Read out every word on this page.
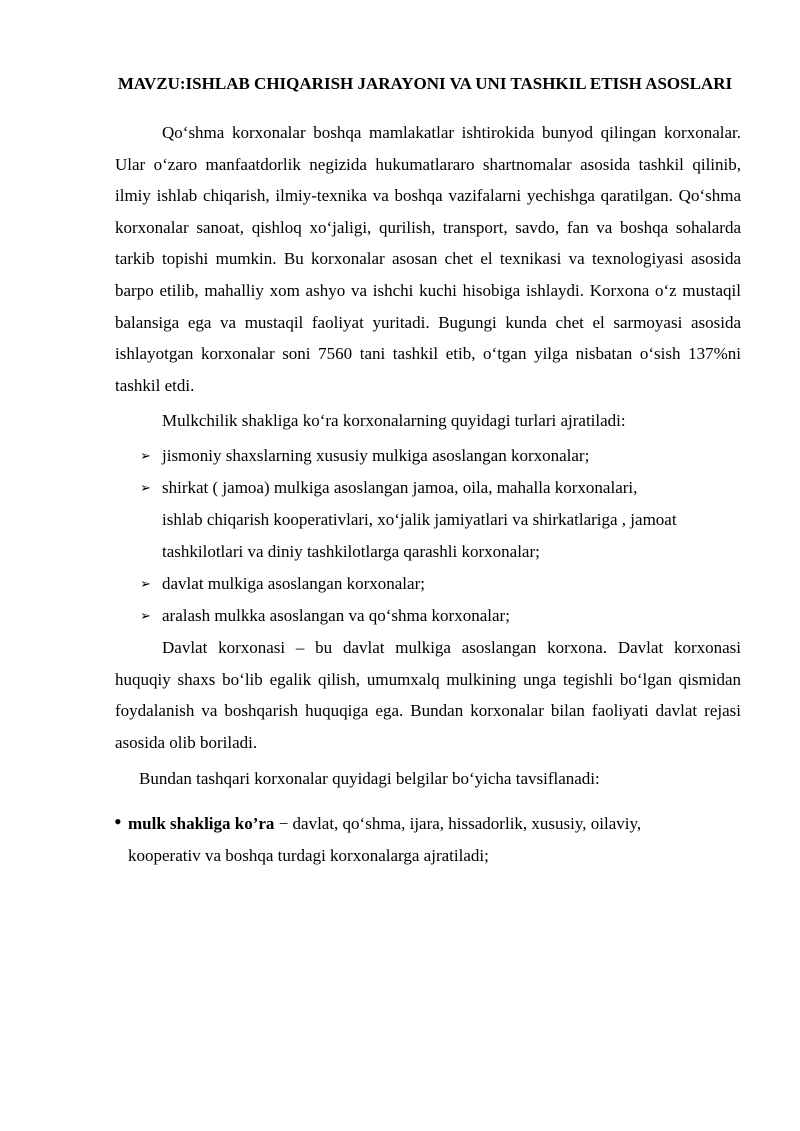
MAVZU:ISHLAB CHIQARISH JARAYONI VA UNI TASHKIL ETISH ASOSLARI

Qo‘shma korxonalar boshqa mamlakatlar ishtirokida bunyod qilingan korxonalar. Ular o‘zaro manfaatdorlik negizida hukumatlararo shartnomalar asosida tashkil qilinib, ilmiy ishlab chiqarish, ilmiy-texnika va boshqa vazifalarni yechishga qaratilgan. Qo‘shma korxonalar sanoat, qishloq xo‘jaligi, qurilish, transport, savdo, fan va boshqa sohalarda tarkib topishi mumkin. Bu korxonalar asosan chet el texnikasi va texnologiyasi asosida barpo etilib, mahalliy xom ashyo va ishchi kuchi hisobiga ishlaydi. Korxona o‘z mustaqil balansiga ega va mustaqil faoliyat yuritadi. Bugungi kunda chet el sarmoyasi asosida ishlayotgan korxonalar soni 7560 tani tashkil etib, o‘tgan yilga nisbatan o‘sish 137%ni tashkil etdi.

Mulkchilik shakliga ko‘ra korxonalarning quyidagi turlari ajratiladi:
➢ jismoniy shaxslarning xususiy mulkiga asoslangan korxonalar;
➢ shirkat ( jamoa) mulkiga asoslangan jamoa, oila, mahalla korxonalari,
ishlab chiqarish kooperativlari, xo‘jalik jamiyatlari va shirkatlariga , jamoat
tashkilotlari va diniy tashkilotlarga qarashli korxonalar;
➢ davlat mulkiga asoslangan korxonalar;
➢ aralash mulkka asoslangan va qo‘shma korxonalar;

Davlat korxonasi – bu davlat mulkiga asoslangan korxona. Davlat korxonasi huquqiy shaxs bo‘lib egalik qilish, umumxalq mulkining unga tegishli bo‘lgan qismidan foydalanish va boshqarish huquqiga ega. Bundan korxonalar bilan faoliyati davlat rejasi asosida olib boriladi.

Bundan tashqari korxonalar quyidagi belgilar bo‘yicha tavsiflanadi:
• mulk shakliga ko’ra − davlat, qo‘shma, ijara, hissadorlik, xususiy, oilaviy,
kooperativ va boshqa turdagi korxonalarga ajratiladi;
